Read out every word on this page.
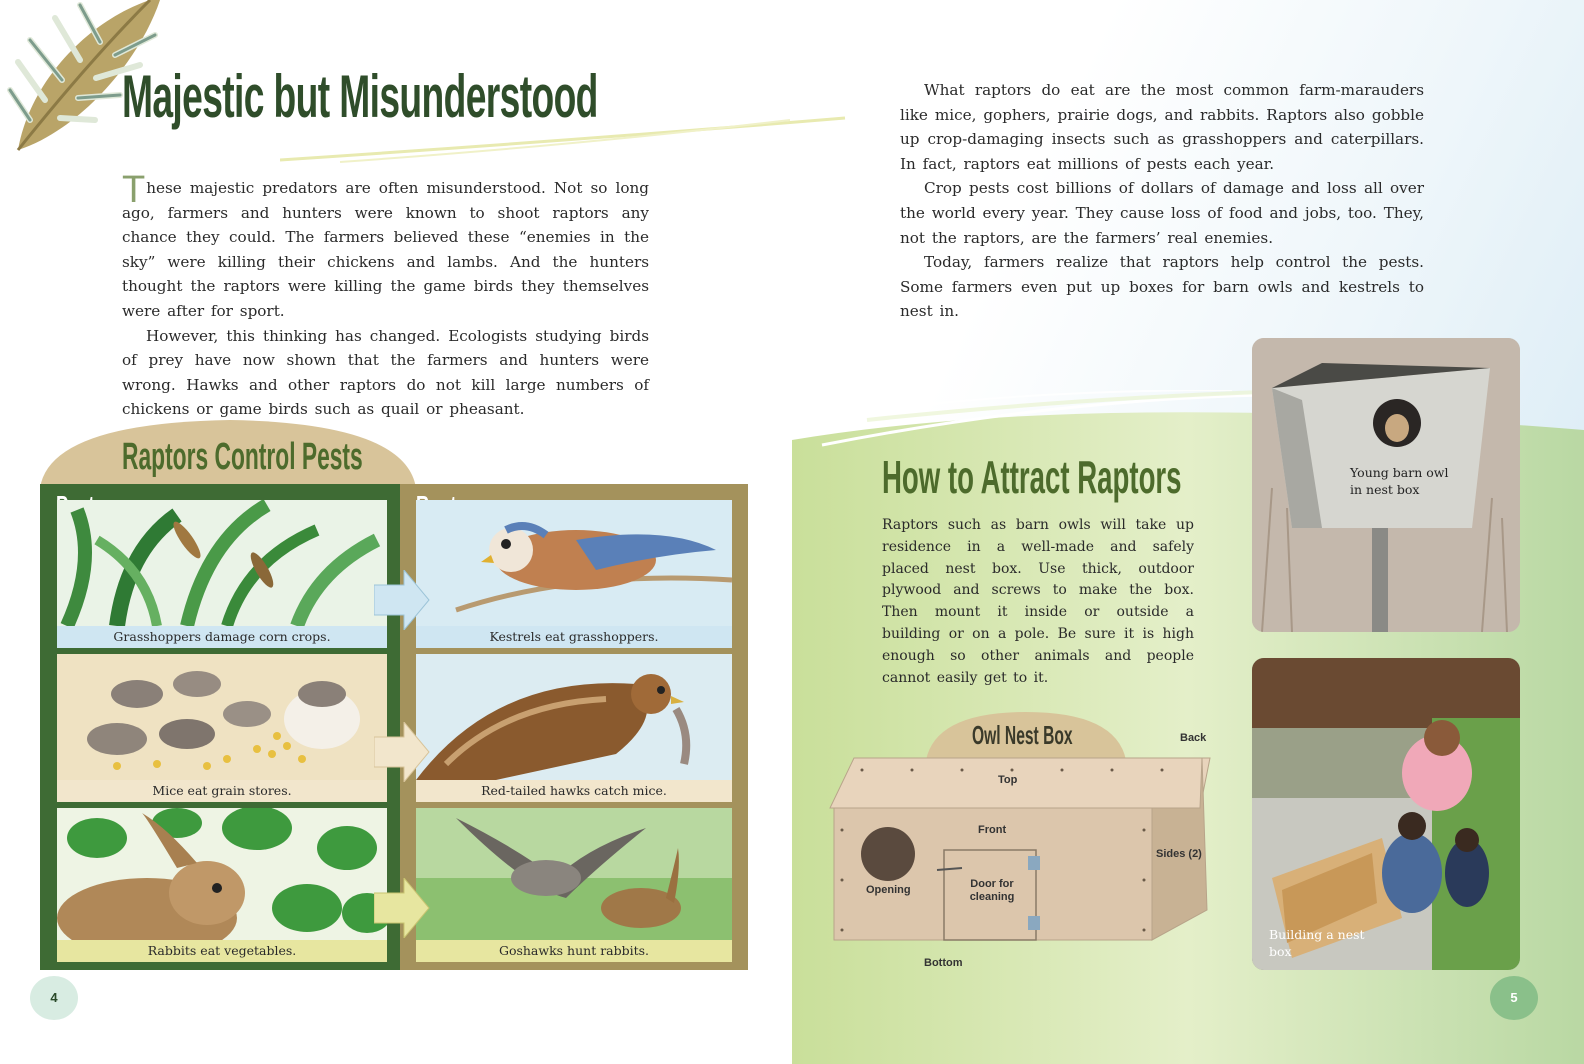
Majestic but Misunderstood

These majestic predators are often misunderstood. Not so long ago, farmers and hunters were known to shoot raptors any chance they could. The farmers believed these “enemies in the sky” were killing their chickens and lambs. And the hunters thought the raptors were killing the game birds they themselves were after for sport.

However, this thinking has changed. Ecologists studying birds of prey have now shown that the farmers and hunters were wrong. Hawks and other raptors do not kill large numbers of chickens or game birds such as quail or pheasant.

Raptors Control Pests
Grasshoppers damage corn crops.	Kestrels eat grasshoppers.
Mice eat grain stores.	Red-tailed hawks catch mice.
Rabbits eat vegetables.	Goshawks hunt rabbits.
4

What raptors do eat are the most common farm-marauders like mice, gophers, prairie dogs, and rabbits. Raptors also gobble up crop-damaging insects such as grasshoppers and caterpillars. In fact, raptors eat millions of pests each year.

Crop pests cost billions of dollars of damage and loss all over the world every year. They cause loss of food and jobs, too. They, not the raptors, are the farmers’ real enemies.

Today, farmers realize that raptors help control the pests. Some farmers even put up boxes for barn owls and kestrels to nest in.

How to Attract Raptors

Raptors such as barn owls will take up residence in a well-made and safely placed nest box. Use thick, outdoor plywood and screws to make the box. Then mount it inside or outside a building or on a pole. Be sure it is high enough so other animals and people cannot easily get to it.

Owl Nest Box	Back
Top
Front
Sides (2)
Opening	Door for cleaning
Bottom
Young barn owl in nest box
Building a nest box
5
